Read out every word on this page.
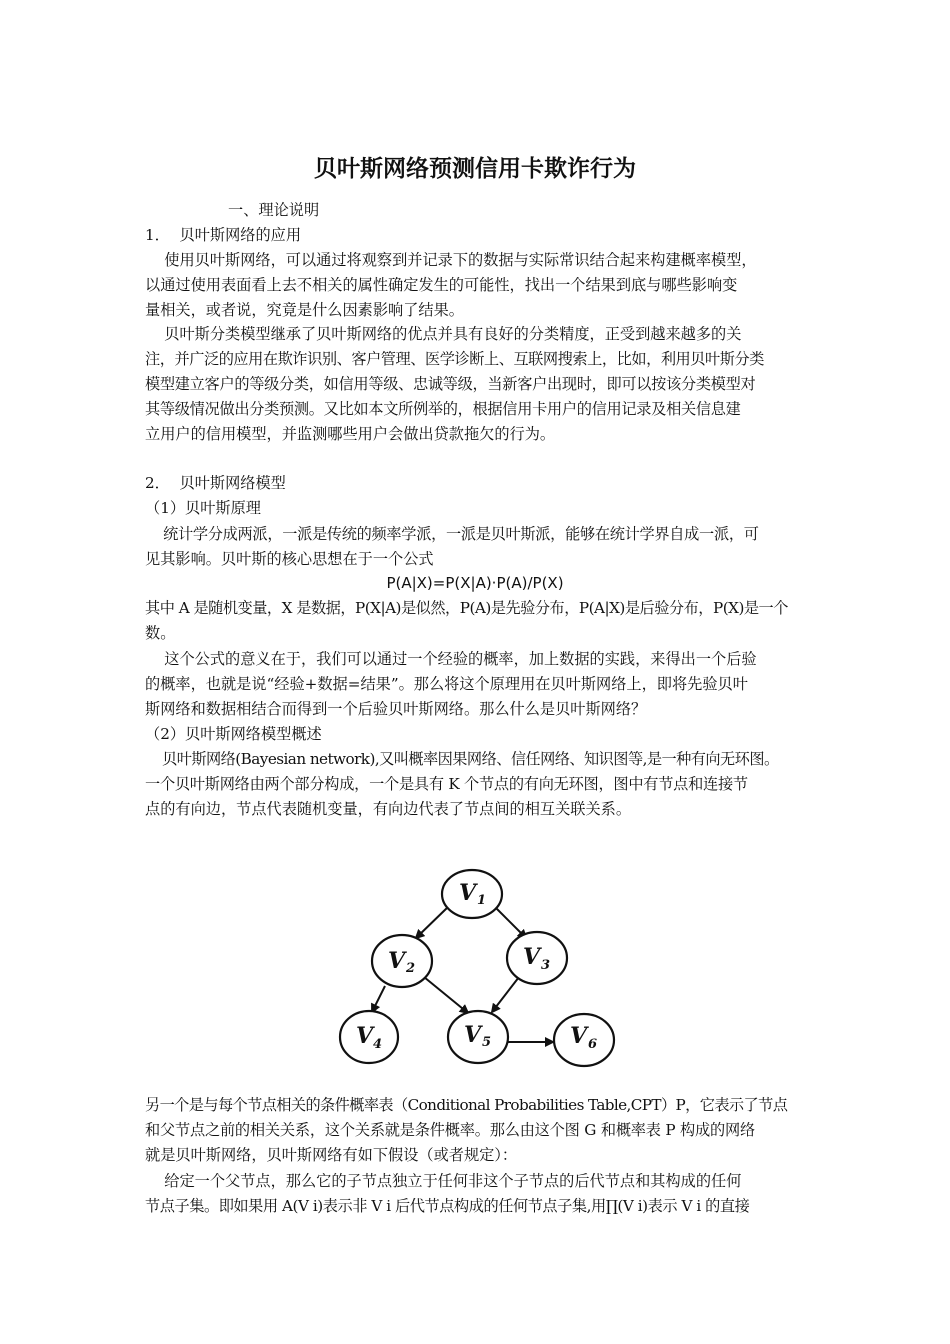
贝叶斯网络预测信用卡欺诈行为
一、理论说明
1．  贝叶斯网络的应用
使用贝叶斯网络，可以通过将观察到并记录下的数据与实际常识结合起来构建概率模型，
以通过使用表面看上去不相关的属性确定发生的可能性，找出一个结果到底与哪些影响变
量相关，或者说，究竟是什么因素影响了结果。
贝叶斯分类模型继承了贝叶斯网络的优点并具有良好的分类精度，正受到越来越多的关
注，并广泛的应用在欺诈识别、客户管理、医学诊断上、互联网搜索上，比如，利用贝叶斯分类
模型建立客户的等级分类，如信用等级、忠诚等级，当新客户出现时，即可以按该分类模型对
其等级情况做出分类预测。又比如本文所例举的，根据信用卡用户的信用记录及相关信息建
立用户的信用模型，并监测哪些用户会做出贷款拖欠的行为。
2．  贝叶斯网络模型
（1）贝叶斯原理
统计学分成两派，一派是传统的频率学派，一派是贝叶斯派，能够在统计学界自成一派，可
见其影响。贝叶斯的核心思想在于一个公式
P(A|X)=P(X|A)·P(A)/P(X)
其中 A 是随机变量，X 是数据，P(X|A)是似然，P(A)是先验分布，P(A|X)是后验分布，P(X)是一个
数。
这个公式的意义在于，我们可以通过一个经验的概率，加上数据的实践，来得出一个后验
的概率，也就是说“经验+数据=结果”。那么将这个原理用在贝叶斯网络上，即将先验贝叶
斯网络和数据相结合而得到一个后验贝叶斯网络。那么什么是贝叶斯网络？
（2）贝叶斯网络模型概述
贝叶斯网络(Bayesian network),又叫概率因果网络、信任网络、知识图等,是一种有向无环图。
一个贝叶斯网络由两个部分构成，一个是具有 K 个节点的有向无环图，图中有节点和连接节
点的有向边，节点代表随机变量，有向边代表了节点间的相互关联关系。
V 1
V 2	V 3
V 4	V 5	V 6
另一个是与每个节点相关的条件概率表（Conditional Probabilities Table,CPT）P，它表示了节点
和父节点之前的相关关系，这个关系就是条件概率。那么由这个图 G 和概率表 P 构成的网络
就是贝叶斯网络，贝叶斯网络有如下假设（或者规定）：
给定一个父节点，那么它的子节点独立于任何非这个子节点的后代节点和其构成的任何
节点子集。即如果用 A(V i)表示非 V i 后代节点构成的任何节点子集,用∏(V i)表示 V i 的直接
